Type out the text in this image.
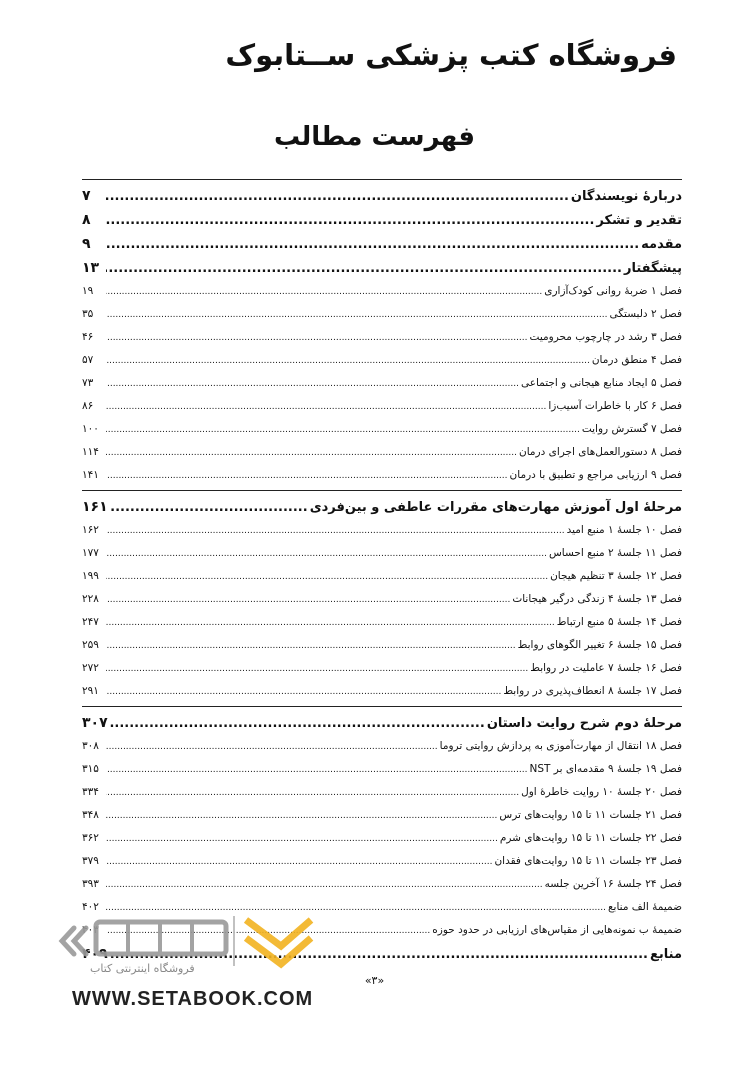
فروشگاه کتب پزشکی ســتابوک
فهرست مطالب
دربارۀ نویسندگان
.....
۷
تقدیر و تشکر
.....
۸
مقدمه
.....
۹
پیشگفتار
.....
۱۳
فصل ۱ ضربۀ روانی کودک‌آزاری
.....
۱۹
فصل ۲ دلبستگی
.....
۳۵
فصل ۳ رشد در چارچوب محرومیت
.....
۴۶
فصل ۴ منطق درمان
.....
۵۷
فصل ۵ ایجاد منابع هیجانی و اجتماعی
.....
۷۳
فصل ۶ کار با خاطرات آسیب‌زا
.....
۸۶
فصل ۷ گسترش روایت
.....
۱۰۰
فصل ۸ دستورالعمل‌های اجرای درمان
.....
۱۱۴
فصل ۹ ارزیابی مراجع و تطبیق با درمان
.....
۱۴۱
مرحلۀ اول آموزش مهارت‌های مقررات عاطفی و بین‌فردی
.....
۱۶۱
فصل ۱۰ جلسۀ ۱ منبع امید
.....
۱۶۲
فصل ۱۱ جلسۀ ۲ منبع احساس
.....
۱۷۷
فصل ۱۲ جلسۀ ۳ تنظیم هیجان
.....
۱۹۹
فصل ۱۳ جلسۀ ۴ زندگی درگیر هیجانات
.....
۲۲۸
فصل ۱۴ جلسۀ ۵ منبع ارتباط
.....
۲۴۷
فصل ۱۵ جلسۀ ۶ تغییر الگوهای روابط
.....
۲۵۹
فصل ۱۶ جلسۀ ۷ عاملیت در روابط
.....
۲۷۲
فصل ۱۷ جلسۀ ۸ انعطاف‌پذیری در روابط
.....
۲۹۱
مرحلۀ دوم شرح روایت داستان
.....
۳۰۷
فصل ۱۸ انتقال از مهارت‌آموزی به پردازش روایتی تروما
.....
۳۰۸
فصل ۱۹ جلسۀ ۹ مقدمه‌ای بر NST
.....
۳۱۵
فصل ۲۰ جلسۀ ۱۰ روایت خاطرۀ اول
.....
۳۳۴
فصل ۲۱ جلسات ۱۱ تا ۱۵ روایت‌های ترس
.....
۳۴۸
فصل ۲۲ جلسات ۱۱ تا ۱۵ روایت‌های شرم
.....
۳۶۲
فصل ۲۳ جلسات ۱۱ تا ۱۵ روایت‌های فقدان
.....
۳۷۹
فصل ۲۴ جلسۀ ۱۶ آخرین جلسه
.....
۳۹۳
ضمیمۀ الف منابع
.....
۴۰۲
ضمیمۀ ب نمونه‌هایی از مقیاس‌های ارزیابی در حدود حوزه
.....
۴۰۳
منابع
.....
۴۰۹
«۳»
فروشگاه اینترنتی کتاب
WWW.SETABOOK.COM
